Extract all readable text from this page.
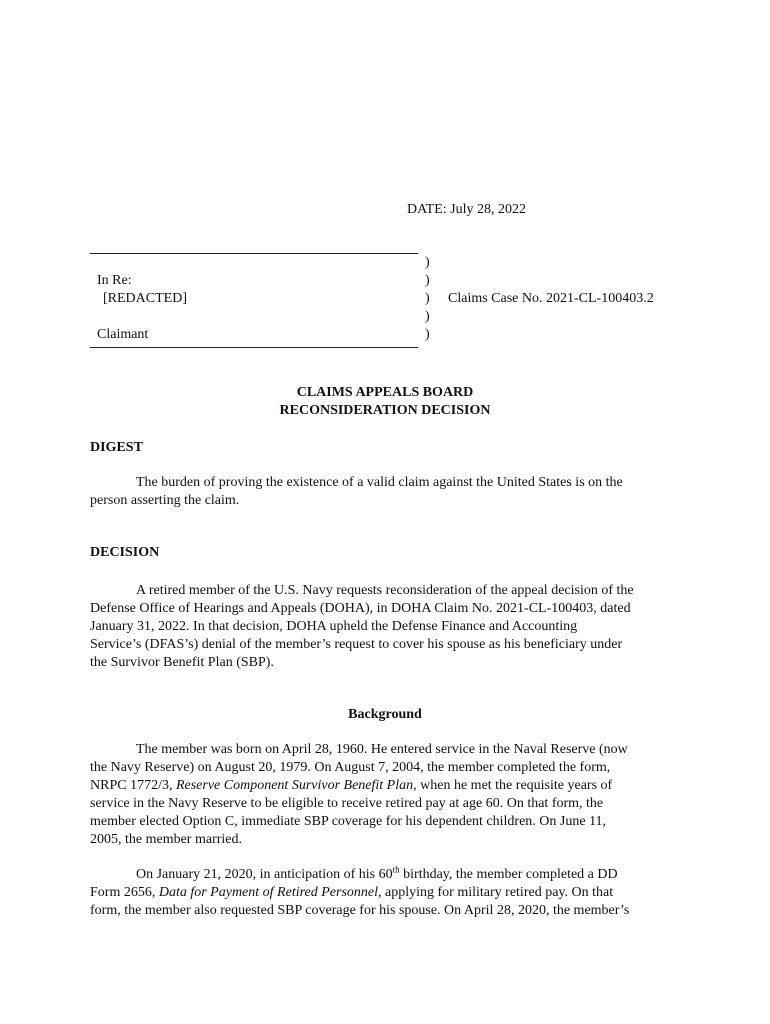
DATE: July 28, 2022
In Re:
[REDACTED]
Claimant
)
)
)
)
)
Claims Case No. 2021-CL-100403.2
CLAIMS APPEALS BOARD
RECONSIDERATION DECISION
DIGEST
The burden of proving the existence of a valid claim against the United States is on the
person asserting the claim.
DECISION
A retired member of the U.S. Navy requests reconsideration of the appeal decision of the
Defense Office of Hearings and Appeals (DOHA), in DOHA Claim No. 2021-CL-100403, dated
January 31, 2022. In that decision, DOHA upheld the Defense Finance and Accounting
Service’s (DFAS’s) denial of the member’s request to cover his spouse as his beneficiary under
the Survivor Benefit Plan (SBP).
Background
The member was born on April 28, 1960. He entered service in the Naval Reserve (now
the Navy Reserve) on August 20, 1979. On August 7, 2004, the member completed the form,
NRPC 1772/3, Reserve Component Survivor Benefit Plan, when he met the requisite years of
service in the Navy Reserve to be eligible to receive retired pay at age 60. On that form, the
member elected Option C, immediate SBP coverage for his dependent children. On June 11,
2005, the member married.
On January 21, 2020, in anticipation of his 60th birthday, the member completed a DD
Form 2656, Data for Payment of Retired Personnel, applying for military retired pay. On that
form, the member also requested SBP coverage for his spouse. On April 28, 2020, the member’s
